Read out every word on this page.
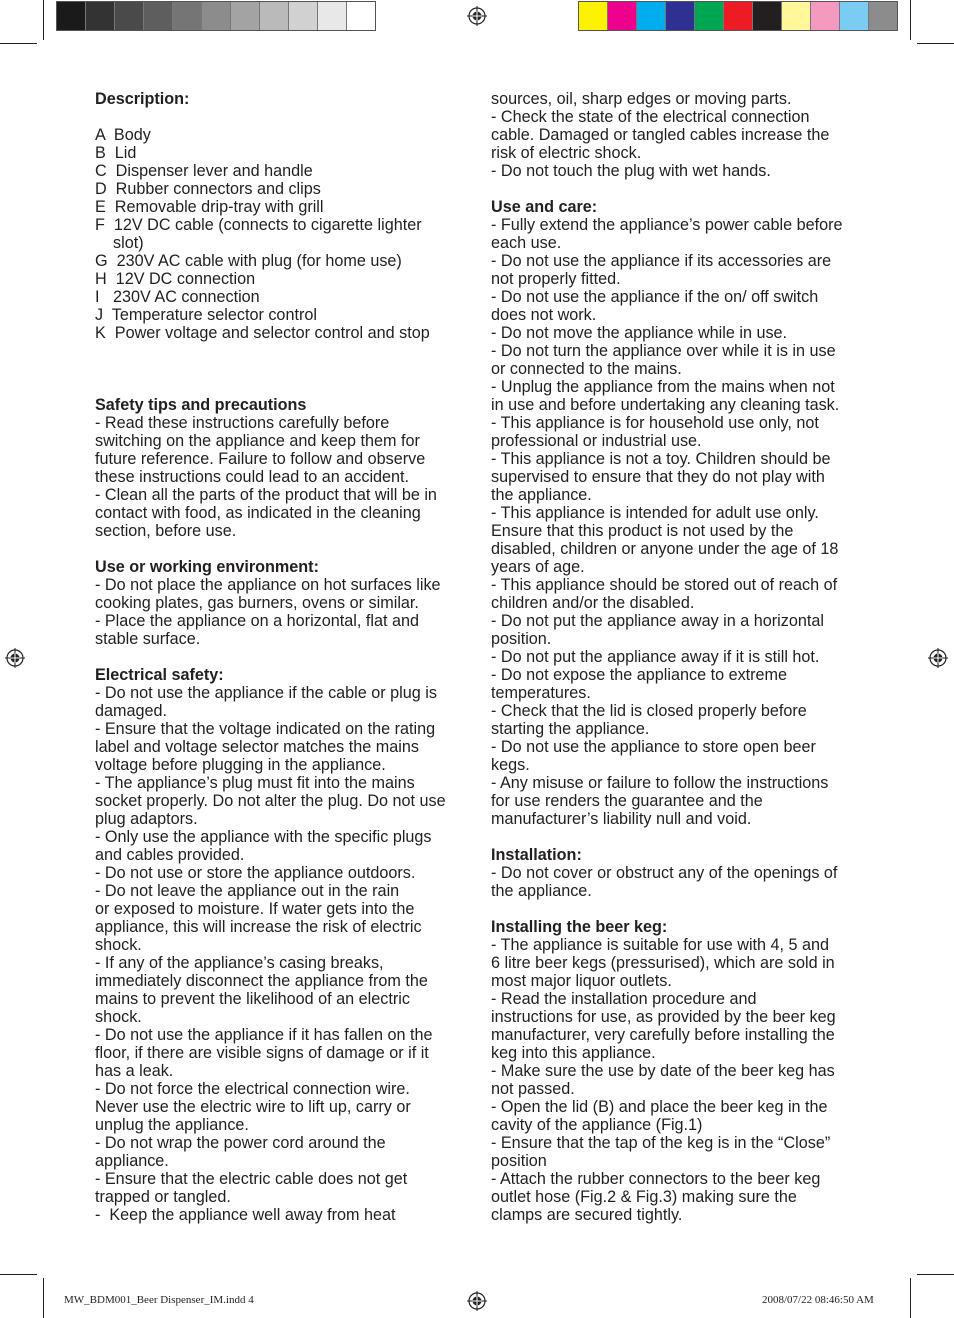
Description:
A  Body
B  Lid
C  Dispenser lever and handle
D  Rubber connectors and clips
E  Removable drip-tray with grill
F  12V DC cable (connects to cigarette lighter
slot)
G  230V AC cable with plug (for home use)
H  12V DC connection
I   230V AC connection
J  Temperature selector control
K  Power voltage and selector control and stop
Safety tips and precautions
- Read these instructions carefully before
switching on the appliance and keep them for
future reference. Failure to follow and observe
these instructions could lead to an accident.
- Clean all the parts of the product that will be in
contact with food, as indicated in the cleaning
section, before use.
Use or working environment:
- Do not place the appliance on hot surfaces like
cooking plates, gas burners, ovens or similar.
- Place the appliance on a horizontal, flat and
stable surface.
Electrical safety:
- Do not use the appliance if the cable or plug is
damaged.
- Ensure that the voltage indicated on the rating
label and voltage selector matches the mains
voltage before plugging in the appliance.
- The appliance’s plug must fit into the mains
socket properly. Do not alter the plug. Do not use
plug adaptors.
- Only use the appliance with the specific plugs
and cables provided.
- Do not use or store the appliance outdoors.
- Do not leave the appliance out in the rain
or exposed to moisture. If water gets into the
appliance, this will increase the risk of electric
shock.
- If any of the appliance’s casing breaks,
immediately disconnect the appliance from the
mains to prevent the likelihood of an electric
shock.
- Do not use the appliance if it has fallen on the
floor, if there are visible signs of damage or if it
has a leak.
- Do not force the electrical connection wire.
Never use the electric wire to lift up, carry or
unplug the appliance.
- Do not wrap the power cord around the
appliance.
- Ensure that the electric cable does not get
trapped or tangled.
-  Keep the appliance well away from heat
sources, oil, sharp edges or moving parts.
- Check the state of the electrical connection
cable. Damaged or tangled cables increase the
risk of electric shock.
- Do not touch the plug with wet hands.
Use and care:
- Fully extend the appliance’s power cable before
each use.
- Do not use the appliance if its accessories are
not properly fitted.
- Do not use the appliance if the on/ off switch
does not work.
- Do not move the appliance while in use.
- Do not turn the appliance over while it is in use
or connected to the mains.
- Unplug the appliance from the mains when not
in use and before undertaking any cleaning task.
- This appliance is for household use only, not
professional or industrial use.
- This appliance is not a toy. Children should be
supervised to ensure that they do not play with
the appliance.
- This appliance is intended for adult use only.
Ensure that this product is not used by the
disabled, children or anyone under the age of 18
years of age.
- This appliance should be stored out of reach of
children and/or the disabled.
- Do not put the appliance away in a horizontal
position.
- Do not put the appliance away if it is still hot.
- Do not expose the appliance to extreme
temperatures.
- Check that the lid is closed properly before
starting the appliance.
- Do not use the appliance to store open beer
kegs.
- Any misuse or failure to follow the instructions
for use renders the guarantee and the
manufacturer’s liability null and void.
Installation:
- Do not cover or obstruct any of the openings of
the appliance.
Installing the beer keg:
- The appliance is suitable for use with 4, 5 and
6 litre beer kegs (pressurised), which are sold in
most major liquor outlets.
- Read the installation procedure and
instructions for use, as provided by the beer keg
manufacturer, very carefully before installing the
keg into this appliance.
- Make sure the use by date of the beer keg has
not passed.
- Open the lid (B) and place the beer keg in the
cavity of the appliance (Fig.1)
- Ensure that the tap of the keg is in the “Close”
position
- Attach the rubber connectors to the beer keg
outlet hose (Fig.2 & Fig.3) making sure the
clamps are secured tightly.
MW_BDM001_Beer Dispenser_IM.indd 4	2008/07/22 08:46:50 AM
